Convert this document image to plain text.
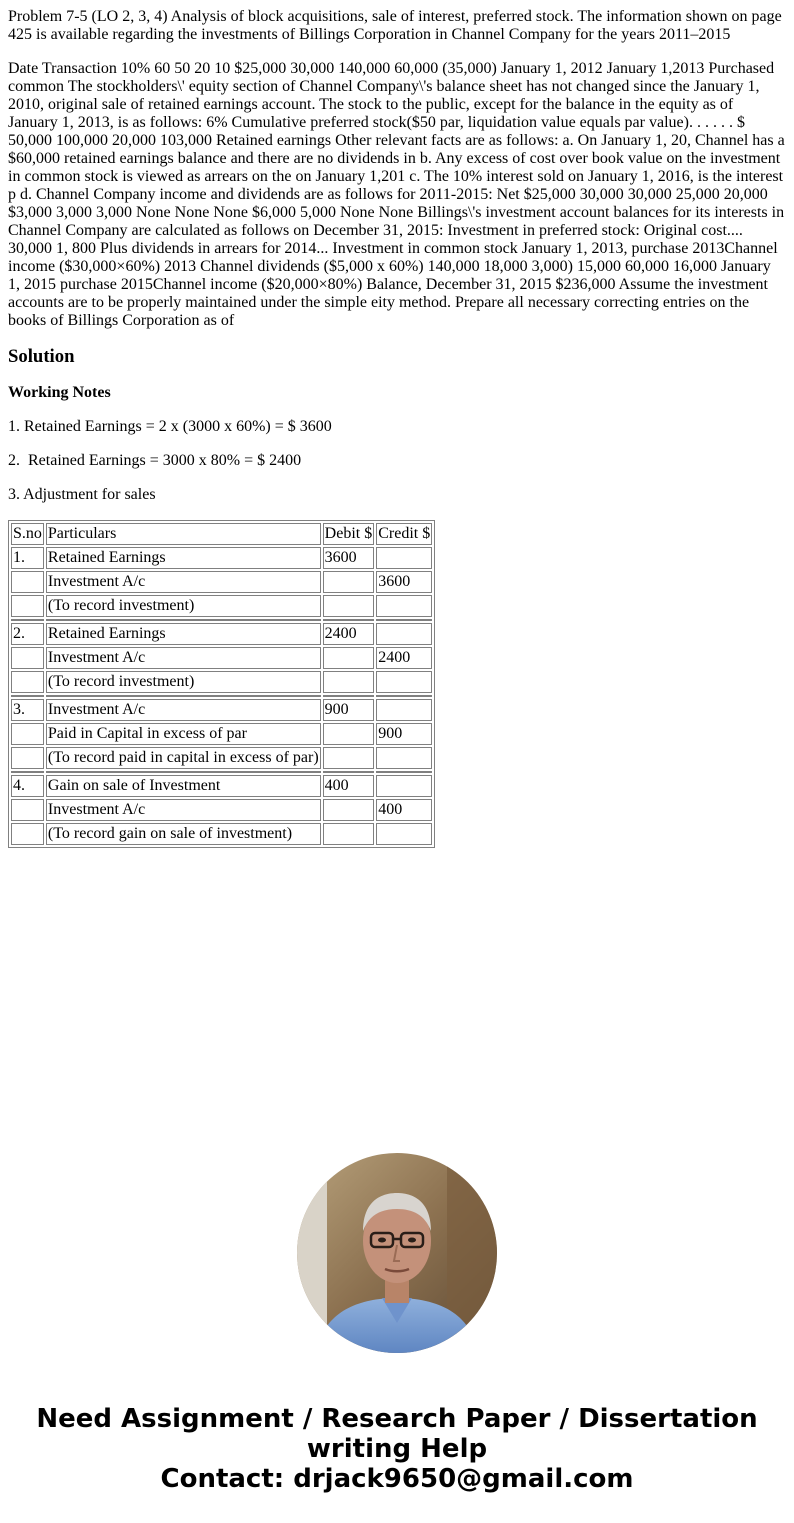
Problem 7-5 (LO 2, 3, 4) Analysis of block acquisitions, sale of interest, preferred stock. The information shown on page 425 is available regarding the investments of Billings Corporation in Channel Company for the years 2011–2015

Date Transaction 10% 60 50 20 10 $25,000 30,000 140,000 60,000 (35,000) January 1, 2012 January 1,2013 Purchased common The stockholders\' equity section of Channel Company\'s balance sheet has not changed since the January 1, 2010, original sale of retained earnings account. The stock to the public, except for the balance in the equity as of January 1, 2013, is as follows: 6% Cumulative preferred stock($50 par, liquidation value equals par value). . . . . . $ 50,000 100,000 20,000 103,000 Retained earnings Other relevant facts are as follows: a. On January 1, 20, Channel has a $60,000 retained earnings balance and there are no dividends in b. Any excess of cost over book value on the investment in common stock is viewed as arrears on the on January 1,201 c. The 10% interest sold on January 1, 2016, is the interest p d. Channel Company income and dividends are as follows for 2011-2015: Net $25,000 30,000 30,000 25,000 20,000 $3,000 3,000 3,000 None None None $6,000 5,000 None None Billings\'s investment account balances for its interests in Channel Company are calculated as follows on December 31, 2015: Investment in preferred stock: Original cost.... 30,000 1, 800 Plus dividends in arrears for 2014... Investment in common stock January 1, 2013, purchase 2013Channel income ($30,000×60%) 2013 Channel dividends ($5,000 x 60%) 140,000 18,000 3,000) 15,000 60,000 16,000 January 1, 2015 purchase 2015Channel income ($20,000×80%) Balance, December 31, 2015 $236,000 Assume the investment accounts are to be properly maintained under the simple eity method. Prepare all necessary correcting entries on the books of Billings Corporation as of

Solution
Working Notes

1. Retained Earnings = 2 x (3000 x 60%) = $ 3600

2.  Retained Earnings = 3000 x 80% = $ 2400

3. Adjustment for sales

S.no	Particulars	Debit $	Credit $
1.	Retained Earnings	3600	
	Investment A/c		3600
	(To record investment)		

2.	Retained Earnings	2400	
	Investment A/c		2400
	(To record investment)		

3.	Investment A/c	900	
	Paid in Capital in excess of par		900
	(To record paid in capital in excess of par)		

4.	Gain on sale of Investment	400	
	Investment A/c		400
	(To record gain on sale of investment)		
Need Assignment / Research Paper / Dissertation
writing Help
Contact: drjack9650@gmail.com
